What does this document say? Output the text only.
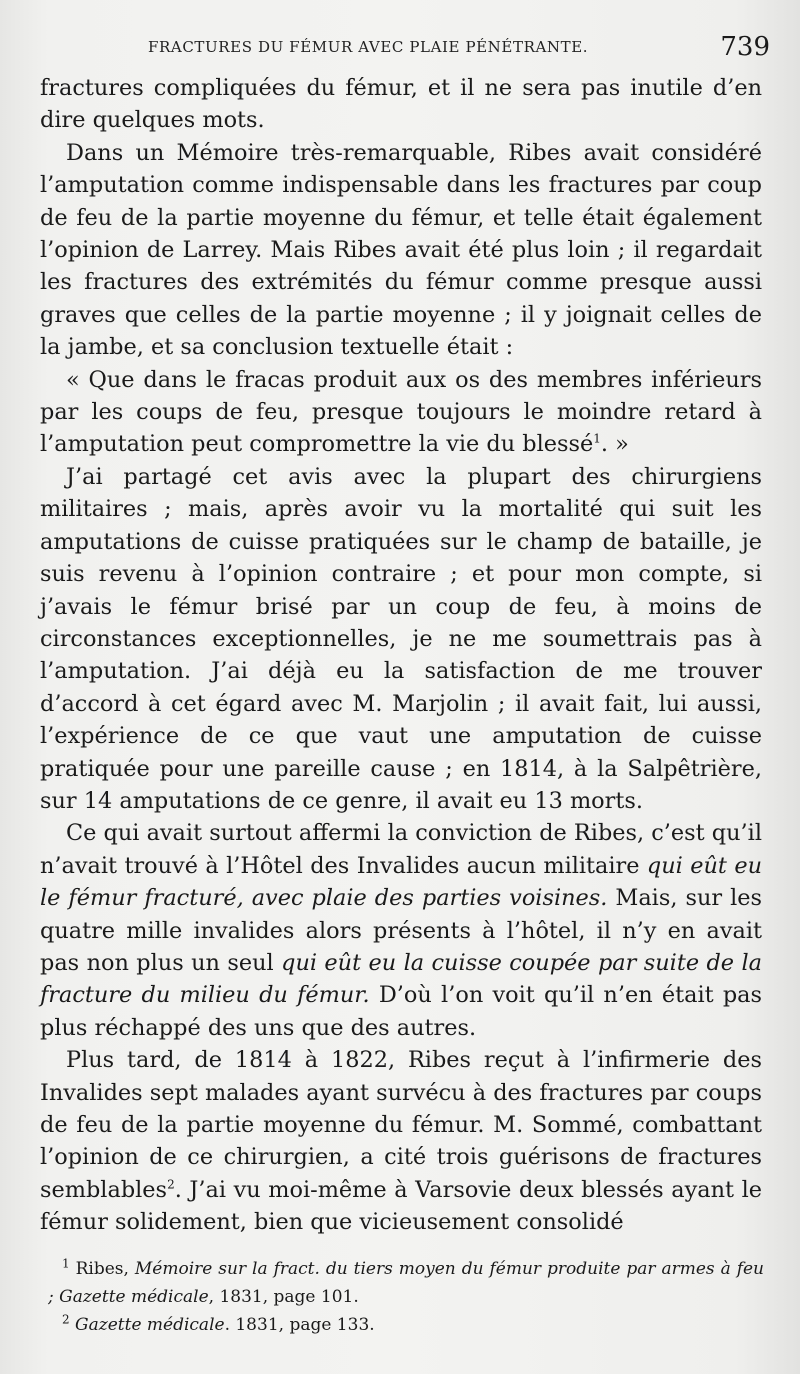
FRACTURES DU FÉMUR AVEC PLAIE PÉNÉTRANTE.	739

fractures compliquées du fémur, et il ne sera pas inutile d’en dire quelques mots.

Dans un Mémoire très-remarquable, Ribes avait considéré l’amputation comme indispensable dans les fractures par coup de feu de la partie moyenne du fémur, et telle était également l’opinion de Larrey. Mais Ribes avait été plus loin ; il regardait les fractures des extrémités du fémur comme presque aussi graves que celles de la partie moyenne ; il y joignait celles de la jambe, et sa conclusion textuelle était :

« Que dans le fracas produit aux os des membres inférieurs par les coups de feu, presque toujours le moindre retard à l’amputation peut compromettre la vie du blessé$^1$. »

J’ai partagé cet avis avec la plupart des chirurgiens militaires ; mais, après avoir vu la mortalité qui suit les amputations de cuisse pratiquées sur le champ de bataille, je suis revenu à l’opinion contraire ; et pour mon compte, si j’avais le fémur brisé par un coup de feu, à moins de circonstances exceptionnelles, je ne me soumettrais pas à l’amputation. J’ai déjà eu la satisfaction de me trouver d’accord à cet égard avec M. Marjolin ; il avait fait, lui aussi, l’expérience de ce que vaut une amputation de cuisse pratiquée pour une pareille cause ; en 1814, à la Salpêtrière, sur 14 amputations de ce genre, il avait eu 13 morts.

Ce qui avait surtout affermi la conviction de Ribes, c’est qu’il n’avait trouvé à l’Hôtel des Invalides aucun militaire qui eût eu le fémur fracturé, avec plaie des parties voisines. Mais, sur les quatre mille invalides alors présents à l’hôtel, il n’y en avait pas non plus un seul qui eût eu la cuisse coupée par suite de la fracture du milieu du fémur. D’où l’on voit qu’il n’en était pas plus réchappé des uns que des autres.

Plus tard, de 1814 à 1822, Ribes reçut à l’infirmerie des Invalides sept malades ayant survécu à des fractures par coups de feu de la partie moyenne du fémur. M. Sommé, combattant l’opinion de ce chirurgien, a cité trois guérisons de fractures semblables$^2$. J’ai vu moi-même à Varsovie deux blessés ayant le fémur solidement, bien que vicieusement consolidé

$^1$ Ribes, Mémoire sur la fract. du tiers moyen du fémur produite par armes à feu ; Gazette médicale, 1831, page 101.

$^2$ Gazette médicale. 1831, page 133.
